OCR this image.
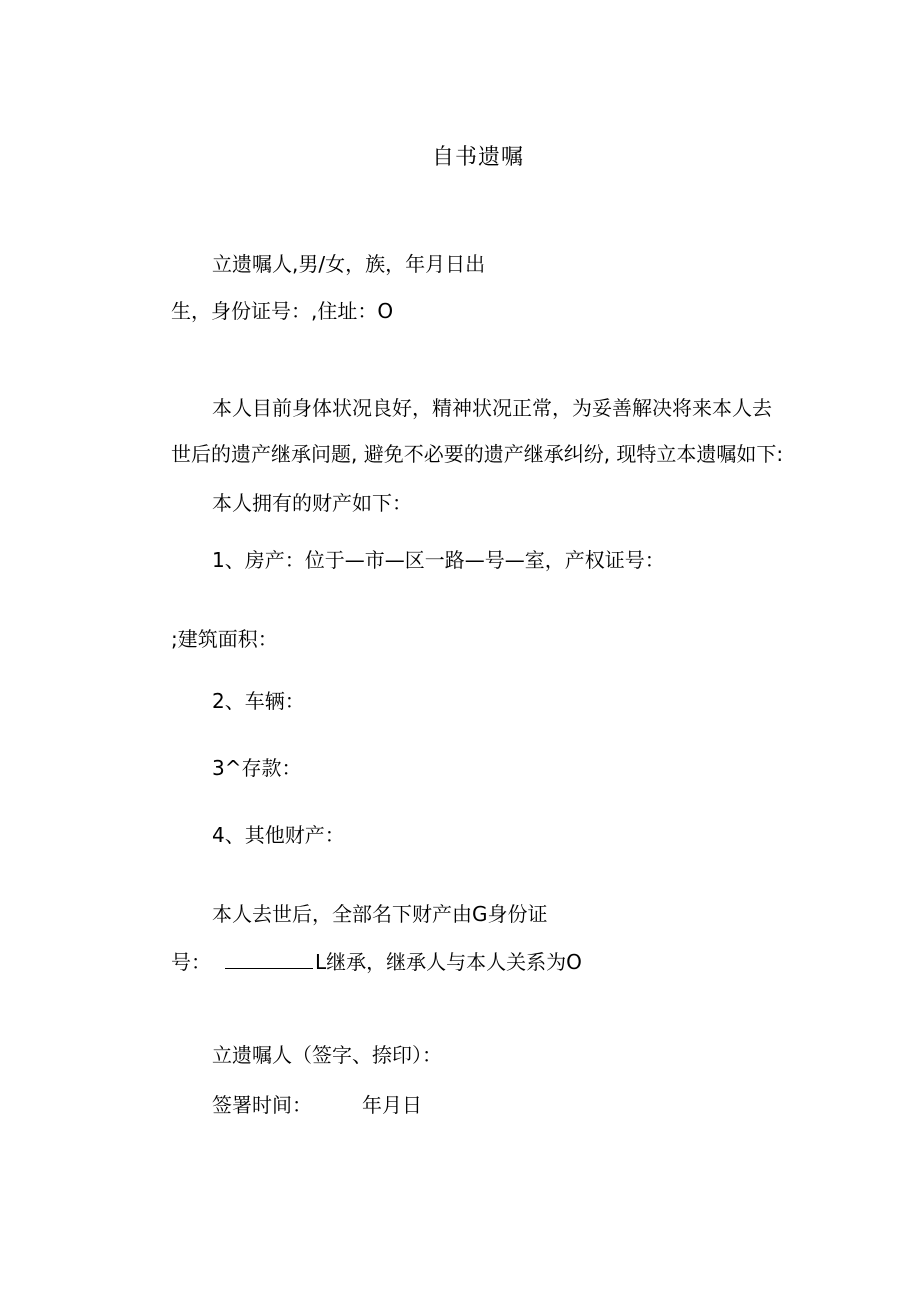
自书遗嘱
立遗嘱人,男/女，族，年月日出
生，身份证号：,住址：O
本人目前身体状况良好，精神状况正常，为妥善解决将来本人去
世后的遗产继承问题, 避免不必要的遗产继承纠纷, 现特立本遗嘱如下:
本人拥有的财产如下：
1、房产：位于—市—区一路—号—室，产权证号：
;建筑面积：
2、车辆：
3^存款：
4、其他财产：
本人去世后，全部名下财产由G身份证
号：	L继承，继承人与本人关系为O
立遗嘱人（签字、捺印）：
签署时间：	年月日
